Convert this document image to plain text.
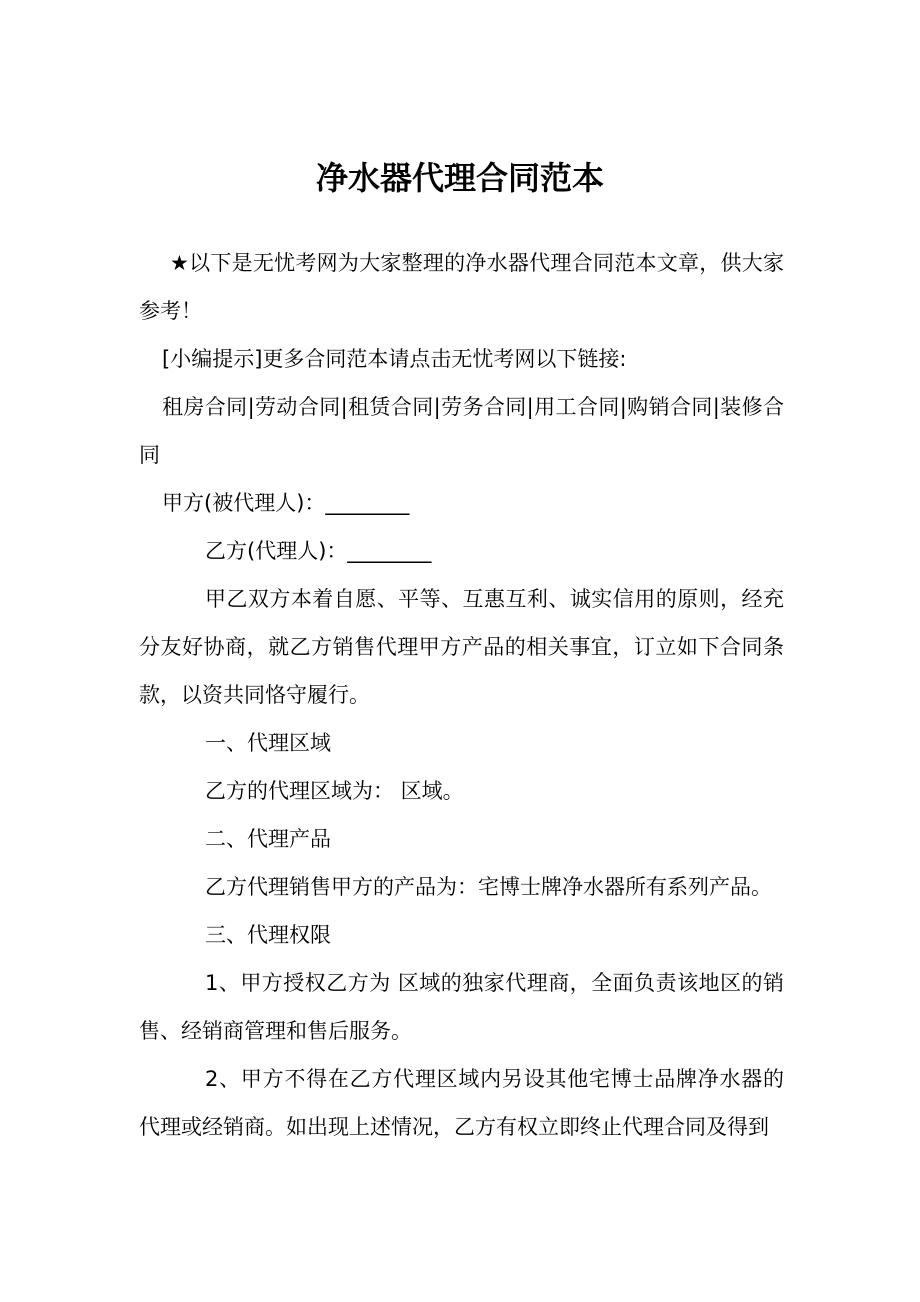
净水器代理合同范本

★以下是无忧考网为大家整理的净水器代理合同范本文章，供大家参考！

[小编提示]更多合同范本请点击无忧考网以下链接:

租房合同|劳动合同|租赁合同|劳务合同|用工合同|购销合同|装修合同

甲方(被代理人)：________

乙方(代理人)：________

甲乙双方本着自愿、平等、互惠互利、诚实信用的原则，经充分友好协商，就乙方销售代理甲方产品的相关事宜，订立如下合同条款，以资共同恪守履行。

一、代理区域

乙方的代理区域为： 区域。

二、代理产品

乙方代理销售甲方的产品为：宅博士牌净水器所有系列产品。

三、代理权限

1、甲方授权乙方为 区域的独家代理商，全面负责该地区的销售、经销商管理和售后服务。

2、甲方不得在乙方代理区域内另设其他宅博士品牌净水器的代理或经销商。如出现上述情况，乙方有权立即终止代理合同及得到
